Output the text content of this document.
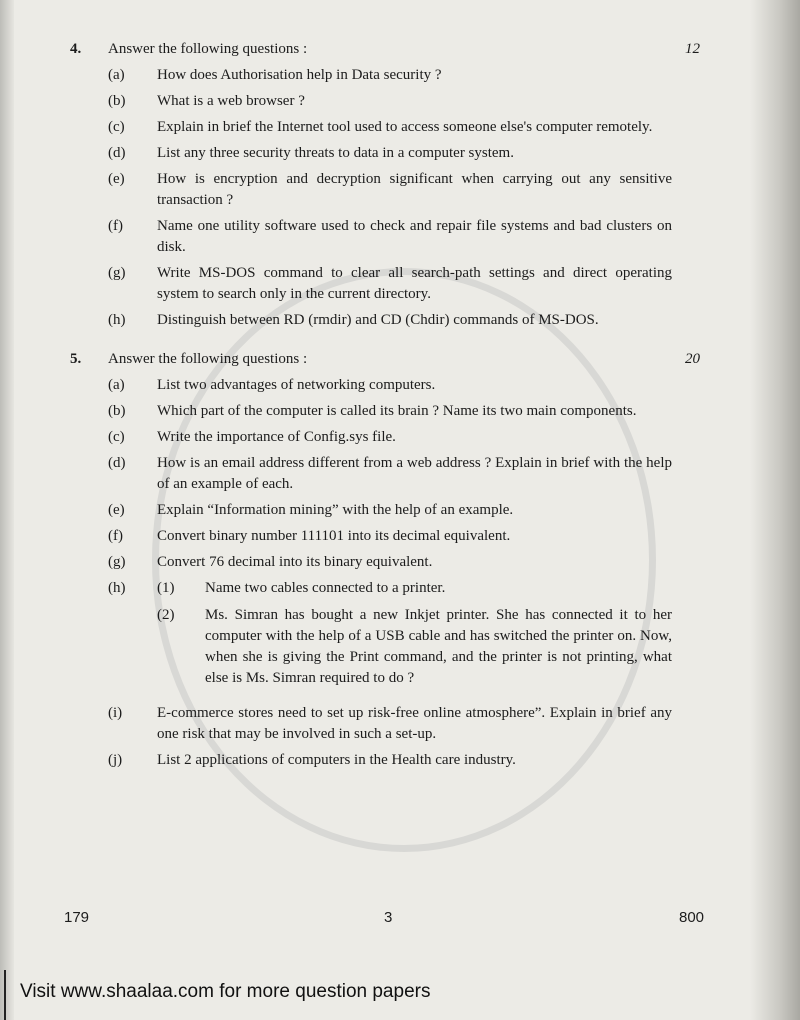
4.	Answer the following questions :	12
(a)	How does Authorisation help in Data security ?
(b)	What is a web browser ?
(c)	Explain in brief the Internet tool used to access someone else's computer remotely.
(d)	List any three security threats to data in a computer system.
(e)	How is encryption and decryption significant when carrying out any sensitive transaction ?
(f)	Name one utility software used to check and repair file systems and bad clusters on disk.
(g)	Write MS-DOS command to clear all search-path settings and direct operating system to search only in the current directory.
(h)	Distinguish between RD (rmdir) and CD (Chdir) commands of MS-DOS.
5.	Answer the following questions :	20
(a)	List two advantages of networking computers.
(b)	Which part of the computer is called its brain ? Name its two main components.
(c)	Write the importance of Config.sys file.
(d)	How is an email address different from a web address ? Explain in brief with the help of an example of each.
(e)	Explain “Information mining” with the help of an example.
(f)	Convert binary number 111101 into its decimal equivalent.
(g)	Convert 76 decimal into its binary equivalent.
(h)	(1)	Name two cables connected to a printer.
(2)	Ms. Simran has bought a new Inkjet printer. She has connected it to her computer with the help of a USB cable and has switched the printer on. Now, when she is giving the Print command, and the printer is not printing, what else is Ms. Simran required to do ?
(i)	E-commerce stores need to set up risk-free online atmosphere”. Explain in brief any one risk that may be involved in such a set-up.
(j)	List 2 applications of computers in the Health care industry.
179	3	800
Visit www.shaalaa.com for more question papers
